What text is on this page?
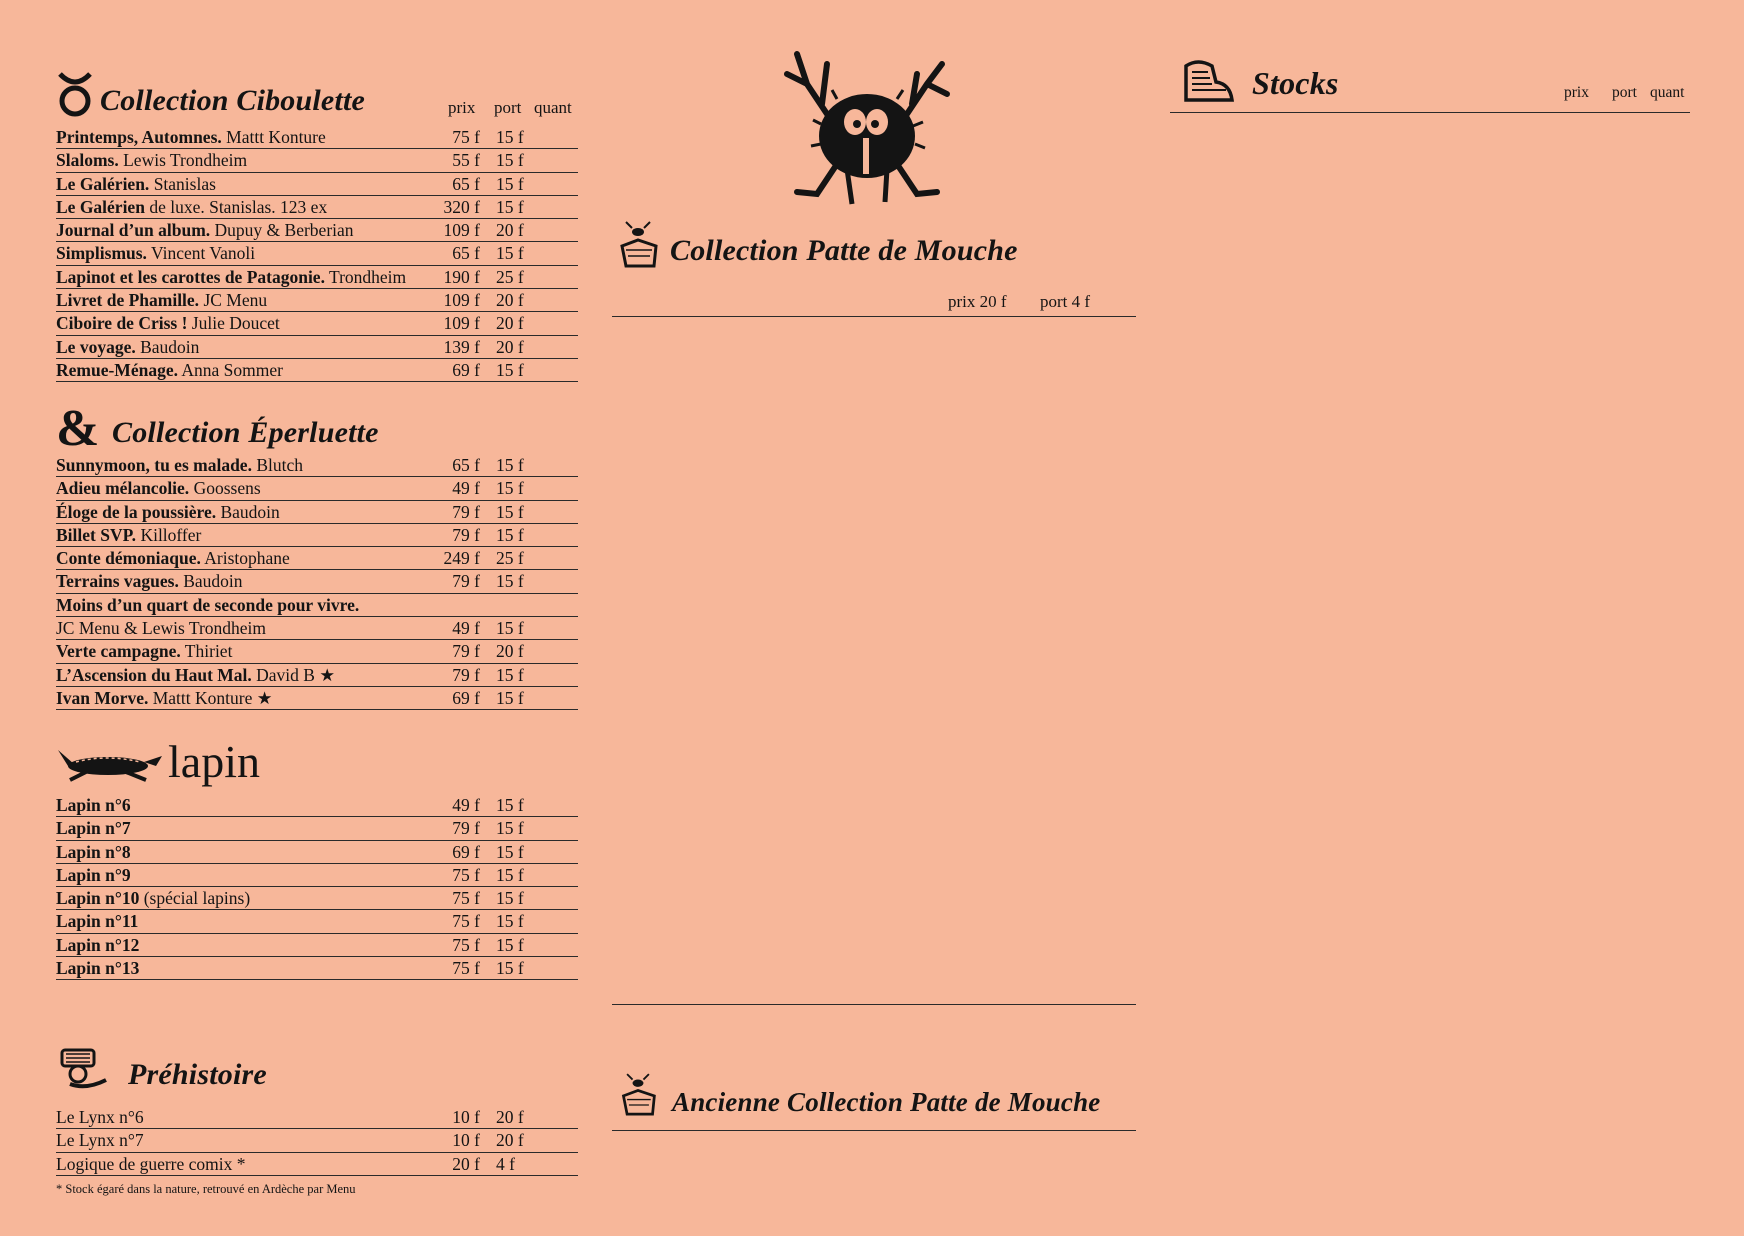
Collection Ciboulette	prix port quant
Printemps, Automnes. Mattt Konture	75 f 15 f
Slaloms. Lewis Trondheim	55 f 15 f
Le Galérien. Stanislas	65 f 15 f
Le Galérien de luxe. Stanislas. 123 ex	320 f 15 f
Journal d’un album. Dupuy & Berberian	109 f 20 f
Simplismus. Vincent Vanoli	65 f 15 f
Lapinot et les carottes de Patagonie. Trondheim	190 f 25 f
Livret de Phamille. JC Menu	109 f 20 f
Ciboire de Criss ! Julie Doucet	109 f 20 f
Le voyage. Baudoin	139 f 20 f
Remue-Ménage. Anna Sommer	69 f 15 f
& Collection Éperluette
Sunnymoon, tu es malade. Blutch	65 f 15 f
Adieu mélancolie. Goossens	49 f 15 f
Éloge de la poussière. Baudoin	79 f 15 f
Billet SVP. Killoffer	79 f 15 f
Conte démoniaque. Aristophane	249 f 25 f
Terrains vagues. Baudoin	79 f 15 f
Moins d’un quart de seconde pour vivre.
JC Menu & Lewis Trondheim	49 f 15 f
Verte campagne. Thiriet	79 f 20 f
L’Ascension du Haut Mal. David B ★	79 f 15 f
Ivan Morve. Mattt Konture ★	69 f 15 f
lapin
Lapin n°6	49 f 15 f
Lapin n°7	79 f 15 f
Lapin n°8	69 f 15 f
Lapin n°9	75 f 15 f
Lapin n°10 (spécial lapins)	75 f 15 f
Lapin n°11	75 f 15 f
Lapin n°12	75 f 15 f
Lapin n°13	75 f 15 f
Préhistoire
Le Lynx n°6	10 f 20 f
Le Lynx n°7	10 f 20 f
Logique de guerre comix *	20 f 4 f
* Stock égaré dans la nature, retrouvé en Ardèche par Menu
Collection Patte de Mouche
prix 20 f port 4 f
Ancienne Collection Patte de Mouche
Stocks	prix port quant
